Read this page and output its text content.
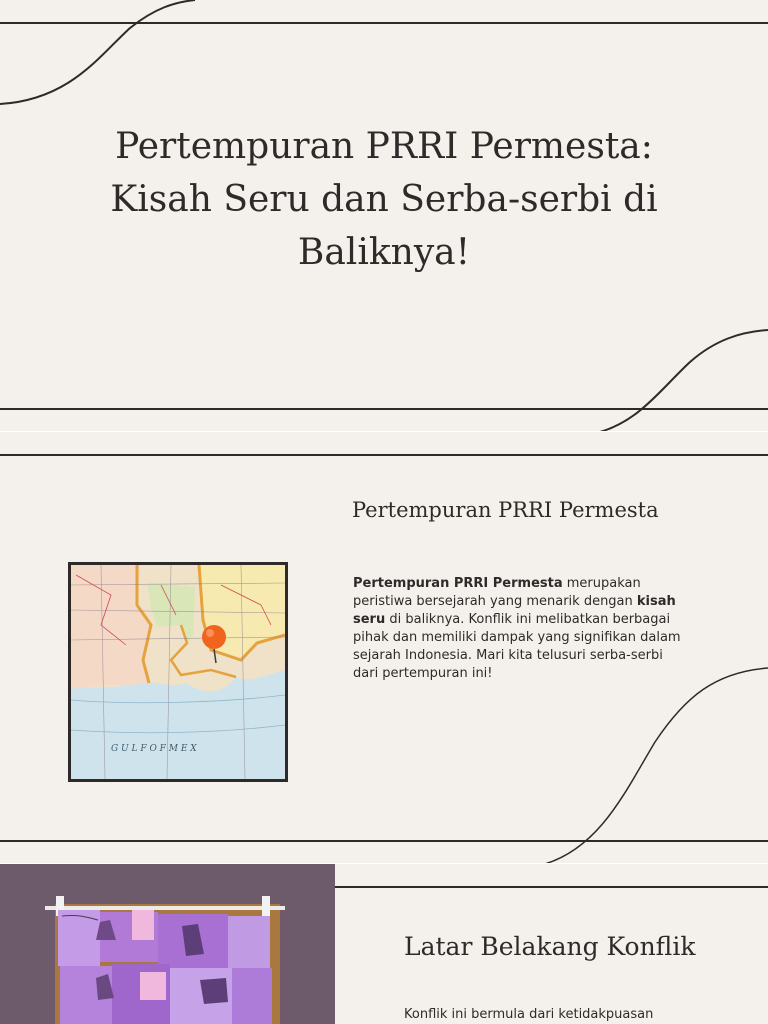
Pertempuran PRRI Permesta:
Kisah Seru dan Serba-serbi di
Baliknya!
G U L F O F M E X
Pertempuran PRRI Permesta

Pertempuran PRRI Permesta merupakan peristiwa bersejarah yang menarik dengan kisah seru di baliknya. Konflik ini melibatkan berbagai pihak dan memiliki dampak yang signifikan dalam sejarah Indonesia. Mari kita telusuri serba-serbi dari pertempuran ini!

Latar Belakang Konflik

Konflik ini bermula dari ketidakpuasan
